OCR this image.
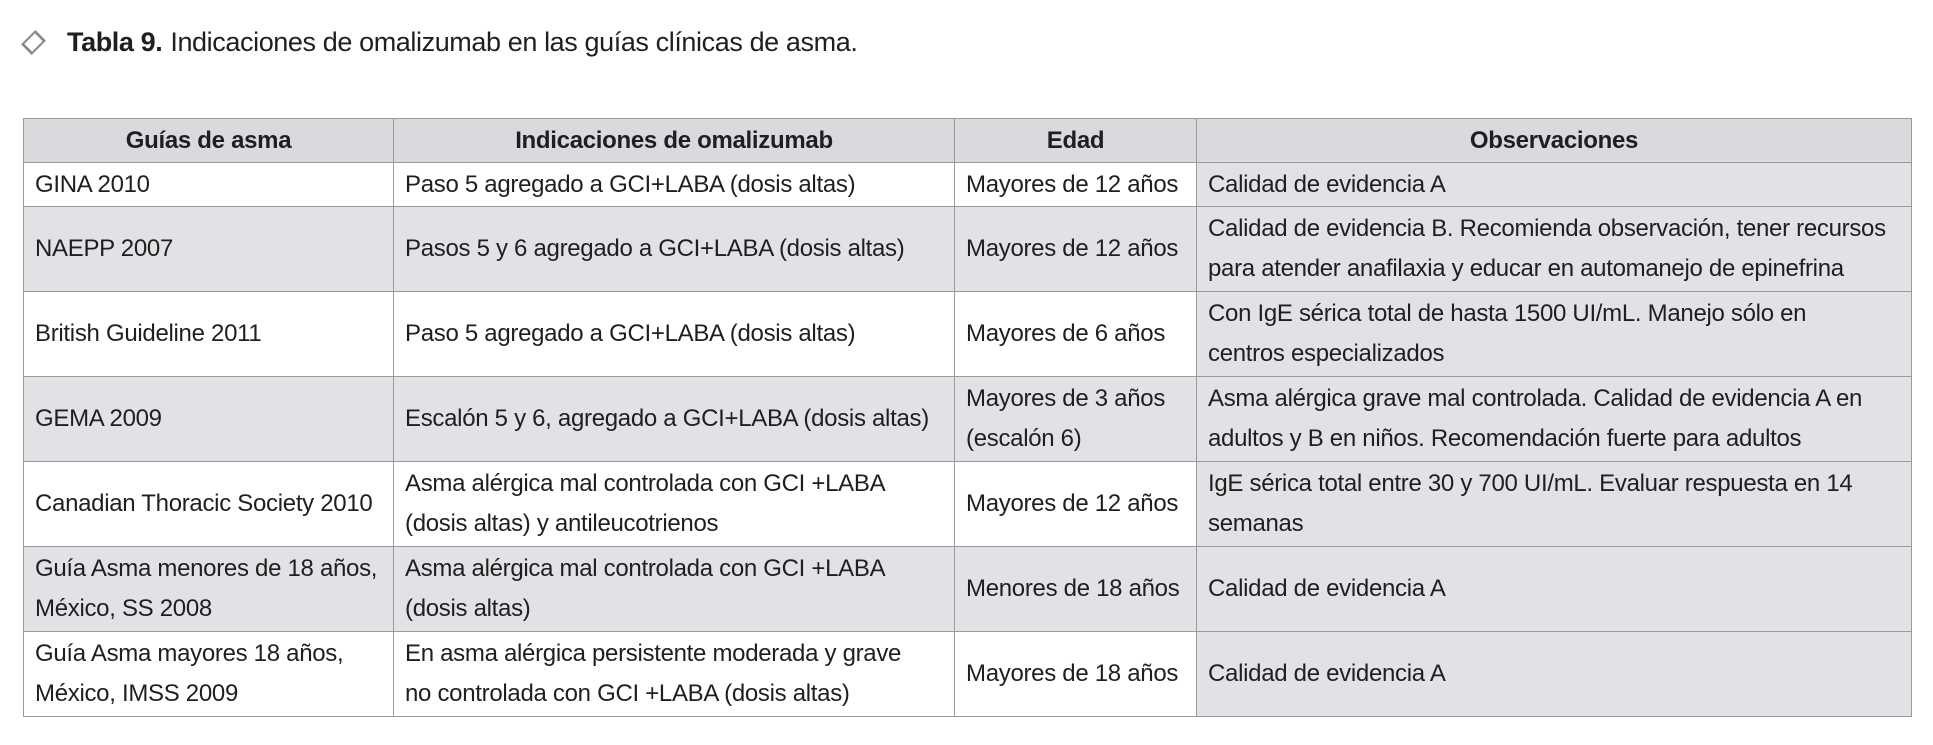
Tabla 9. Indicaciones de omalizumab en las guías clínicas de asma.
Guías de asma	Indicaciones de omalizumab	Edad	Observaciones

GINA 2010	Paso 5 agregado a GCI+LABA (dosis altas)	Mayores de 12 años	Calidad de evidencia A

NAEPP 2007	Pasos 5 y 6 agregado a GCI+LABA (dosis altas)	Mayores de 12 años	Calidad de evidencia B. Recomienda observación, tener recursos
para atender anafilaxia y educar en automanejo de epinefrina

British Guideline 2011	Paso 5 agregado a GCI+LABA (dosis altas)	Mayores de 6 años	Con IgE sérica total de hasta 1500 UI/mL. Manejo sólo en
centros especializados

GEMA 2009	Escalón 5 y 6, agregado a GCI+LABA (dosis altas)	Mayores de 3 años
(escalón 6)	Asma alérgica grave mal controlada. Calidad de evidencia A en
adultos y B en niños. Recomendación fuerte para adultos

Canadian Thoracic Society 2010	Asma alérgica mal controlada con GCI +LABA
(dosis altas) y antileucotrienos	Mayores de 12 años	IgE sérica total entre 30 y 700 UI/mL. Evaluar respuesta en 14
semanas

Guía Asma menores de 18 años,
México, SS 2008	Asma alérgica mal controlada con GCI +LABA
(dosis altas)	Menores de 18 años	Calidad de evidencia A

Guía Asma mayores 18 años,
México, IMSS 2009	En asma alérgica persistente moderada y grave
no controlada con GCI +LABA (dosis altas)	Mayores de 18 años	Calidad de evidencia A
